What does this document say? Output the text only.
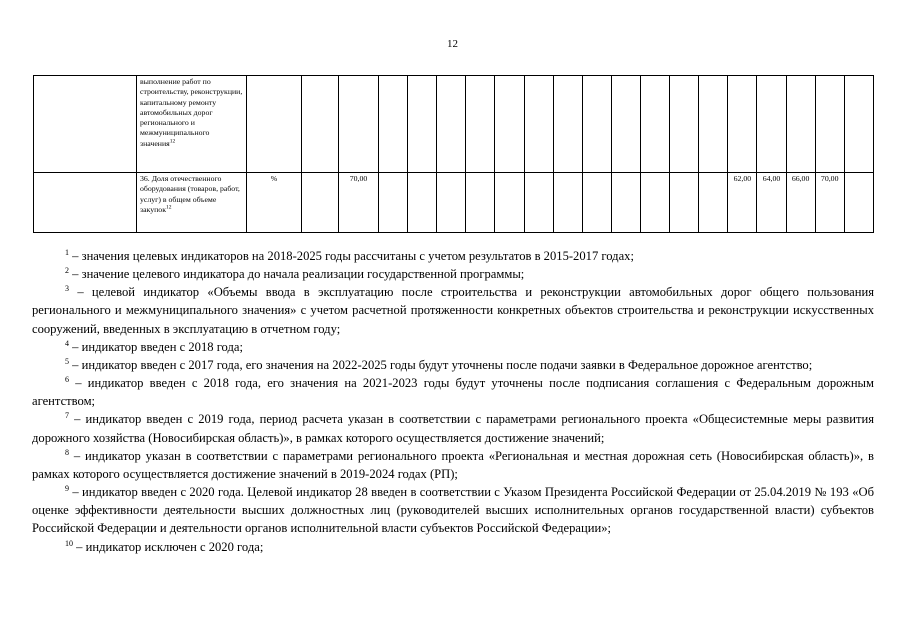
12
	выполнение работ по строительству, реконструкции, капитальному ремонту автомобильных дорог регионального и межмуниципального значения$^{12}$																				
	36. Доля отечественного оборудования (товаров, работ, услуг) в общем объеме закупок$^{12}$	%		70,00													62,00	64,00	66,00	70,00	

$^1$ – значения целевых индикаторов на 2018-2025 годы рассчитаны с учетом результатов в 2015-2017 годах;

$^2$ – значение целевого индикатора до начала реализации государственной программы;

$^3$ – целевой индикатор «Объемы ввода в эксплуатацию после строительства и реконструкции автомобильных дорог общего пользования регионального и межмуниципального значения» с учетом расчетной протяженности конкретных объектов строительства и реконструкции искусственных сооружений, введенных в эксплуатацию в отчетном году;

$^4$ – индикатор введен с 2018 года;

$^5$ – индикатор введен с 2017 года, его значения на 2022-2025 годы будут уточнены после подачи заявки в Федеральное дорожное агентство;

$^6$ – индикатор введен с 2018 года, его значения на 2021-2023 годы будут уточнены после подписания соглашения с Федеральным дорожным агентством;

$^7$ – индикатор введен с 2019 года, период расчета указан в соответствии с параметрами регионального проекта «Общесистемные меры развития дорожного хозяйства (Новосибирская область)», в рамках которого осуществляется достижение значений;

$^8$ – индикатор указан в соответствии с параметрами регионального проекта «Региональная и местная дорожная сеть (Новосибирская область)», в рамках которого осуществляется достижение значений в 2019-2024 годах (РП);

$^9$ – индикатор введен с 2020 года. Целевой индикатор 28 введен в соответствии с Указом Президента Российской Федерации от 25.04.2019 № 193 «Об оценке эффективности деятельности высших должностных лиц (руководителей высших исполнительных органов государственной власти) субъектов Российской Федерации и деятельности органов исполнительной власти субъектов Российской Федерации»;

$^{10}$ – индикатор исключен с 2020 года;
